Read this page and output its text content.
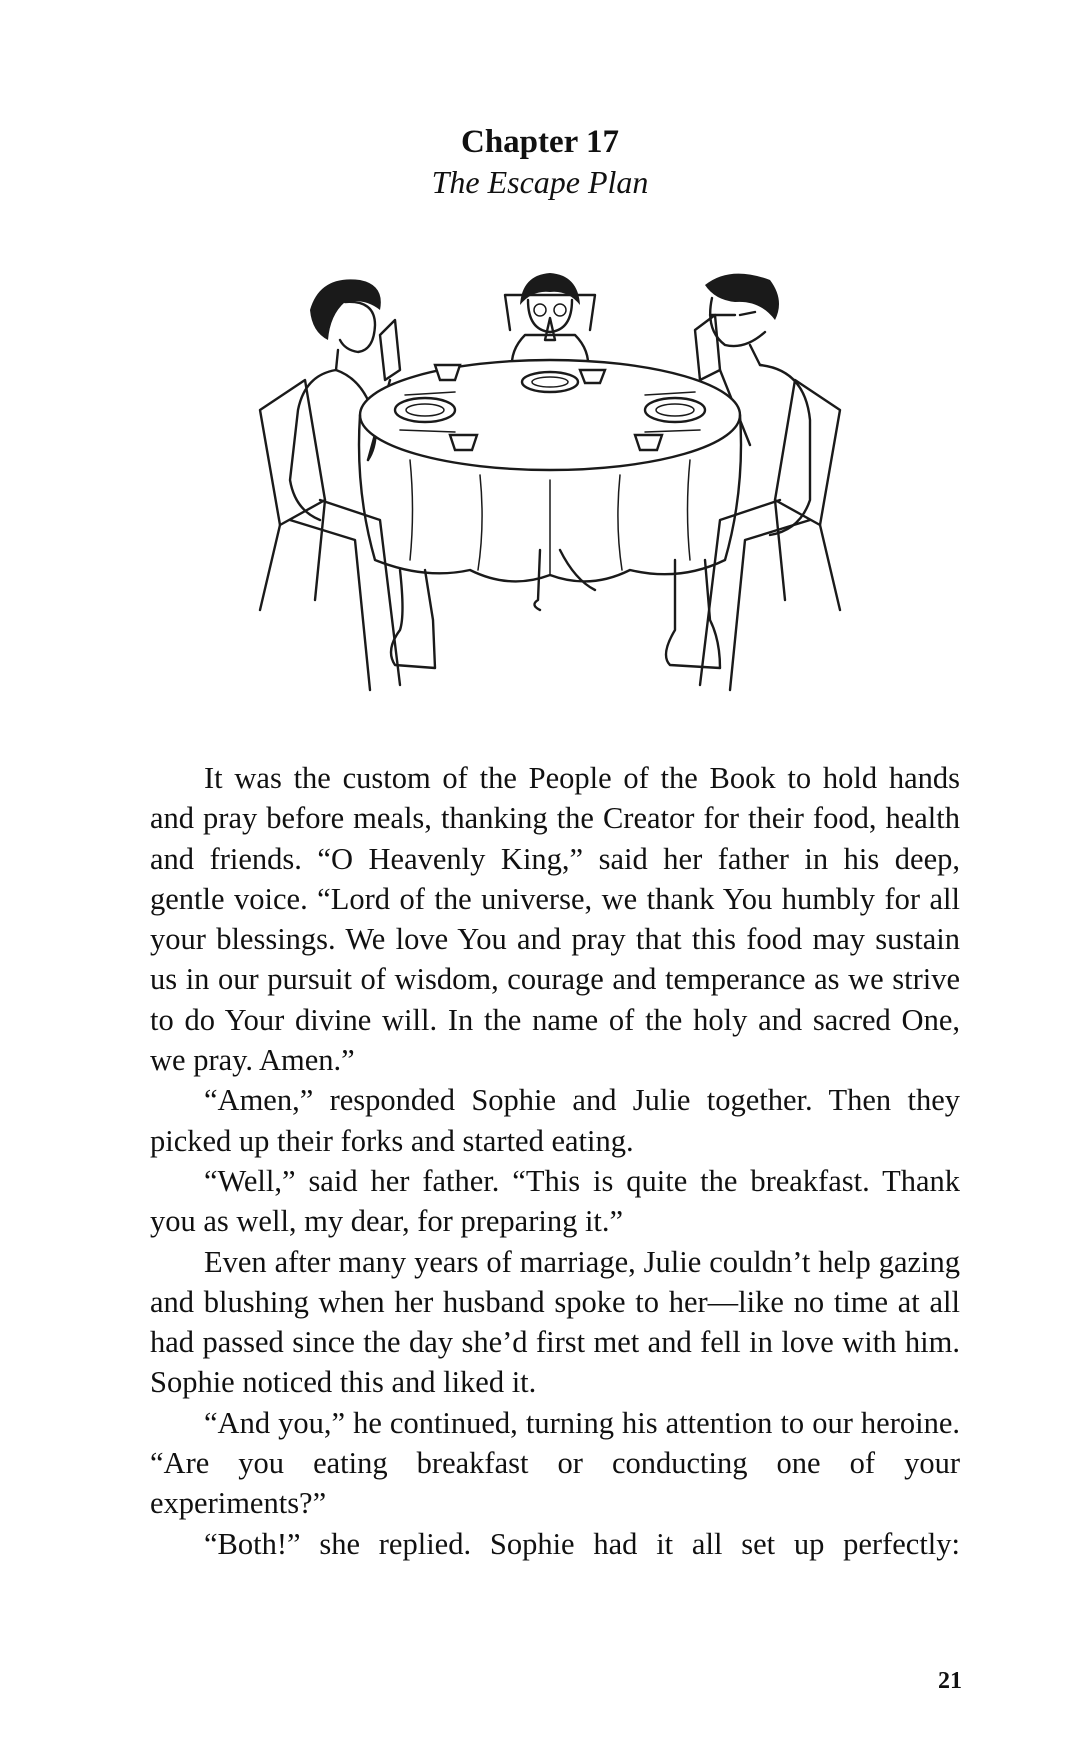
Chapter 17
The Escape Plan

It was the custom of the People of the Book to hold hands and pray before meals, thanking the Creator for their food, health and friends. “O Heavenly King,” said her father in his deep, gentle voice. “Lord of the universe, we thank You humbly for all your blessings. We love You and pray that this food may sustain us in our pursuit of wisdom, courage and temperance as we strive to do Your divine will. In the name of the holy and sacred One, we pray. Amen.”

“Amen,” responded Sophie and Julie together. Then they picked up their forks and started eating.

“Well,” said her father. “This is quite the breakfast. Thank you as well, my dear, for preparing it.”

Even after many years of marriage, Julie couldn’t help gazing and blushing when her husband spoke to her—like no time at all had passed since the day she’d first met and fell in love with him. Sophie noticed this and liked it.

“And you,” he continued, turning his attention to our heroine. “Are you eating breakfast or conducting one of your experiments?”

“Both!” she replied. Sophie had it all set up perfectly:

21
